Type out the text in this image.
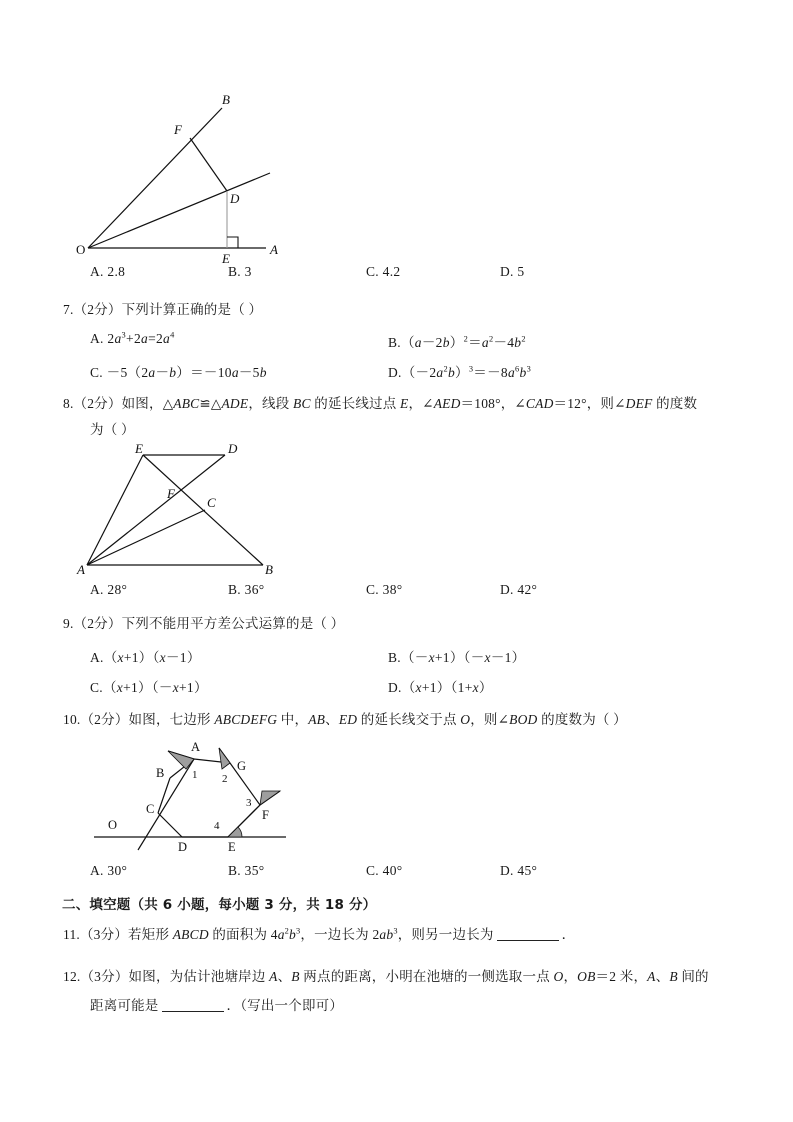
O	A
B
D
E
F
A. 2.8	B. 3	C. 4.2	D. 5
7.（2分）下列计算正确的是（ ）
A. $2a^3+2a=2a^4$	$B.(a-2b)^2=a^2-4b^2$
C. －5（2a－b）＝－10a－5b	$D.(-2a^2b)^3=-8a^6b^3$
8.（2分）如图，△ABC≌△ADE，线段 BC 的延长线过点 E，∠AED＝108°，∠CAD＝12°，则∠DEF 的度数
为（ ）
E	D
A	B
C
F
A. 28°	B. 36°	C. 38°	D. 42°
9.（2分）下列不能用平方差公式运算的是（ ）
A.（x+1）（x－1）	B.（－x+1）（－x－1）
C.（x+1）（－x+1）	D.（x+1）（1+x）
10.（2分）如图，七边形 ABCDEFG 中，AB、ED 的延长线交于点 O，则∠BOD 的度数为（ ）
A
G
F
E
D
C
B
O
1 2
3
4
A. 30°	B. 35°	C. 40°	D. 45°
二、填空题（共 6 小题，每小题 3 分，共 18 分）
11.（3分）若矩形 ABCD 的面积为 $4a^2b^3$，一边长为 $2ab^3$，则另一边长为	．
12.（3分）如图，为估计池塘岸边 A、B 两点的距离，小明在池塘的一侧选取一点 O，OB＝2 米，A、B 间的
距离可能是	．（写出一个即可）
